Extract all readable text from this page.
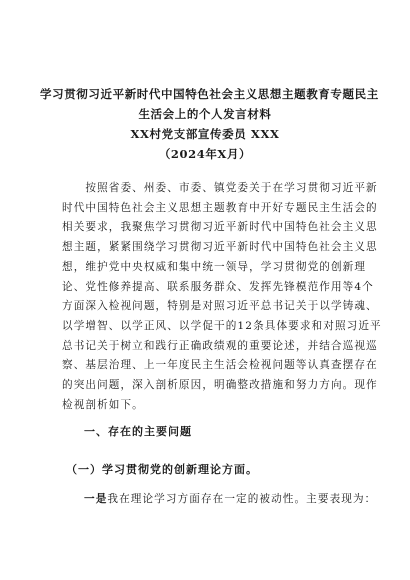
学习贯彻习近平新时代中国特色社会主义思想主题教育专题民主
生活会上的个人发言材料
XX村党支部宣传委员 XXX
（2024年X月）
　　按照省委、州委、市委、镇党委关于在学习贯彻习近平新
时代中国特色社会主义思想主题教育中开好专题民主生活会的
相关要求，我聚焦学习贯彻习近平新时代中国特色社会主义思
想主题，紧紧围绕学习贯彻习近平新时代中国特色社会主义思
想，维护党中央权威和集中统一领导，学习贯彻党的创新理
论、党性修养提高、联系服务群众、发挥先锋模范作用等4个
方面深入检视问题，特别是对照习近平总书记关于以学铸魂、
以学增智、以学正风、以学促干的12条具体要求和对照习近平
总书记关于树立和践行正确政绩观的重要论述，并结合巡视巡
察、基层治理、上一年度民主生活会检视问题等认真查摆存在
的突出问题，深入剖析原因，明确整改措施和努力方向。现作
检视剖析如下。
一、存在的主要问题
（一）学习贯彻党的创新理论方面。
一是我在理论学习方面存在一定的被动性。主要表现为：
